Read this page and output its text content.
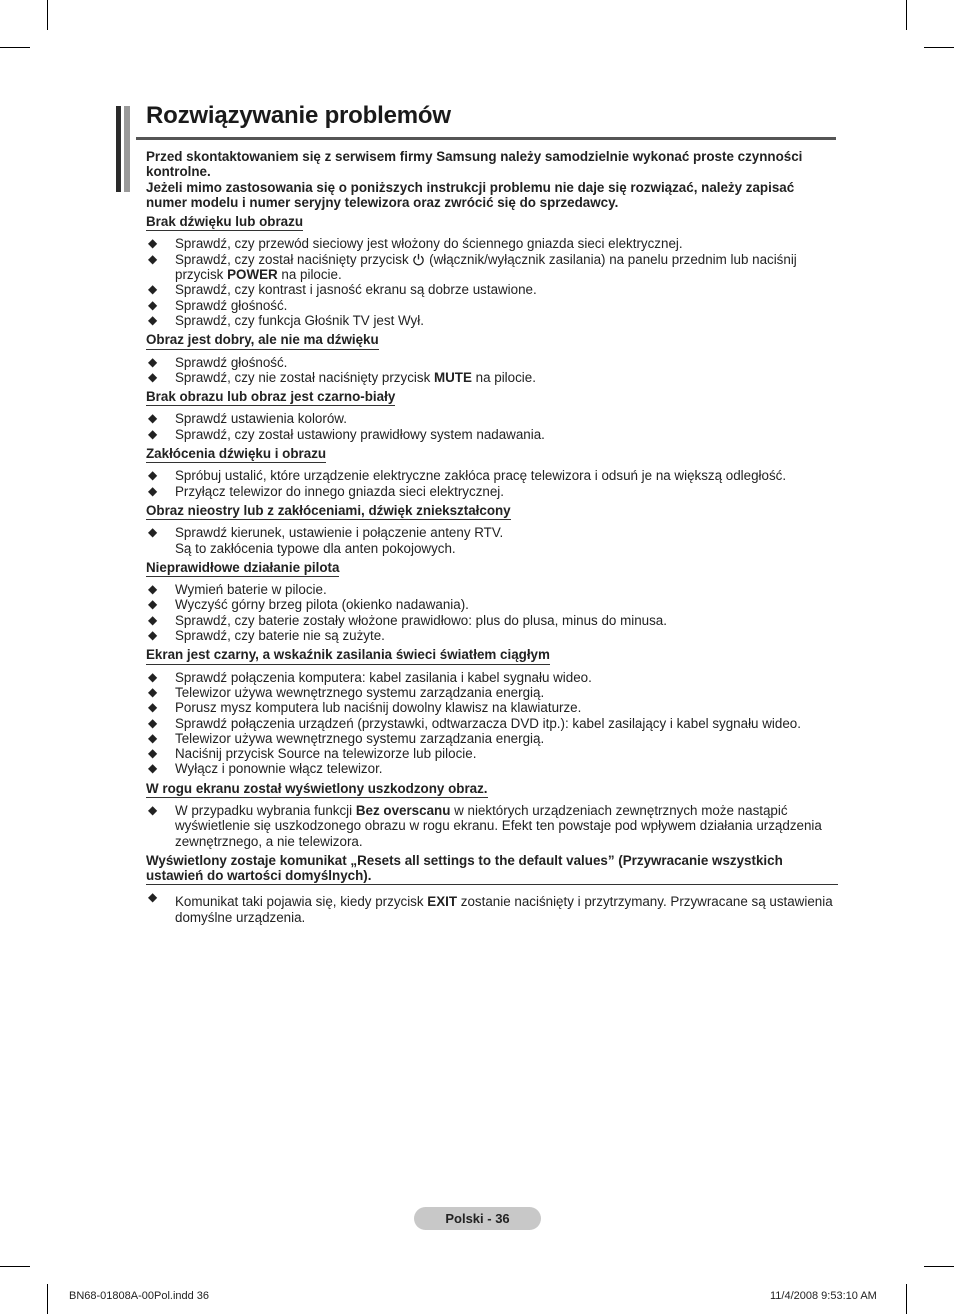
Rozwiązywanie problemów

Przed skontaktowaniem się z serwisem firmy Samsung należy samodzielnie wykonać proste czynności kontrolne.

Jeżeli mimo zastosowania się o poniższych instrukcji problemu nie daje się rozwiązać, należy zapisać numer modelu i numer seryjny telewizora oraz zwrócić się do sprzedawcy.

Brak dźwięku lub obrazu
◆ Sprawdź, czy przewód sieciowy jest włożony do ściennego gniazda sieci elektrycznej.
◆ Sprawdź, czy został naciśnięty przycisk  (włącznik/wyłącznik zasilania) na panelu przednim lub naciśnij przycisk POWER na pilocie.
◆ Sprawdź, czy kontrast i jasność ekranu są dobrze ustawione.
◆ Sprawdź głośność.
◆ Sprawdź, czy funkcja Głośnik TV jest Wył.
Obraz jest dobry, ale nie ma dźwięku
◆ Sprawdź głośność.
◆ Sprawdź, czy nie został naciśnięty przycisk MUTE na pilocie.
Brak obrazu lub obraz jest czarno-biały
◆ Sprawdź ustawienia kolorów.
◆ Sprawdź, czy został ustawiony prawidłowy system nadawania.
Zakłócenia dźwięku i obrazu
◆ Spróbuj ustalić, które urządzenie elektryczne zakłóca pracę telewizora i odsuń je na większą odległość.
◆ Przyłącz telewizor do innego gniazda sieci elektrycznej.
Obraz nieostry lub z zakłóceniami, dźwięk zniekształcony
◆ Sprawdź kierunek, ustawienie i połączenie anteny RTV.
Są to zakłócenia typowe dla anten pokojowych.
Nieprawidłowe działanie pilota
◆ Wymień baterie w pilocie.
◆ Wyczyść górny brzeg pilota (okienko nadawania).
◆ Sprawdź, czy baterie zostały włożone prawidłowo: plus do plusa, minus do minusa.
◆ Sprawdź, czy baterie nie są zużyte.
Ekran jest czarny, a wskaźnik zasilania świeci światłem ciągłym
◆ Sprawdź połączenia komputera: kabel zasilania i kabel sygnału wideo.
◆ Telewizor używa wewnętrznego systemu zarządzania energią.
◆ Porusz mysz komputera lub naciśnij dowolny klawisz na klawiaturze.
◆ Sprawdź połączenia urządzeń (przystawki, odtwarzacza DVD itp.): kabel zasilający i kabel sygnału wideo.
◆ Telewizor używa wewnętrznego systemu zarządzania energią.
◆ Naciśnij przycisk Source na telewizorze lub pilocie.
◆ Wyłącz i ponownie włącz telewizor.
W rogu ekranu został wyświetlony uszkodzony obraz.
◆ W przypadku wybrania funkcji Bez overscanu w niektórych urządzeniach zewnętrznych może nastąpić wyświetlenie się uszkodzonego obrazu w rogu ekranu. Efekt ten powstaje pod wpływem działania urządzenia zewnętrznego, a nie telewizora.
Wyświetlony zostaje komunikat „Resets all settings to the default values” (Przywracanie wszystkich ustawień do wartości domyślnych).
◆ Komunikat taki pojawia się, kiedy przycisk EXIT zostanie naciśnięty i przytrzymany. Przywracane są ustawienia domyślne urządzenia.
Polski - 36
BN68-01808A-00Pol.indd 36	11/4/2008 9:53:10 AM
